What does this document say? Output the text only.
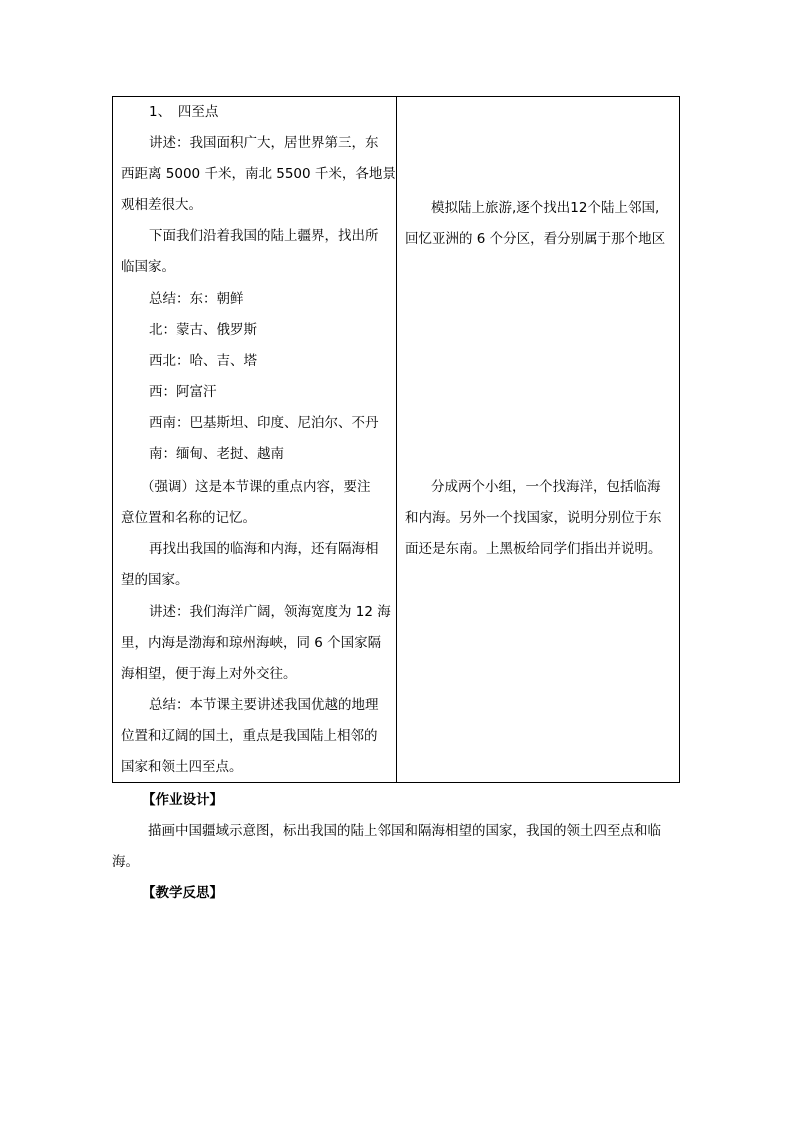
1、　四至点
讲述：我国面积广大，居世界第三，东
西距离 5000 千米，南北 5500 千米，各地景
观相差很大。
下面我们沿着我国的陆上疆界，找出所
临国家。
总结：东：朝鲜
北：蒙古、俄罗斯
西北：哈、吉、塔
西：阿富汗
西南：巴基斯坦、印度、尼泊尔、不丹
南：缅甸、老挝、越南
（强调）这是本节课的重点内容，要注
意位置和名称的记忆。
再找出我国的临海和内海，还有隔海相
望的国家。
讲述：我们海洋广阔，领海宽度为 12 海
里，内海是渤海和琼州海峡，同 6 个国家隔
海相望，便于海上对外交往。
总结：本节课主要讲述我国优越的地理
位置和辽阔的国土，重点是我国陆上相邻的
国家和领土四至点。
模拟陆上旅游,逐个找出12个陆上邻国,
回忆亚洲的 6 个分区，看分别属于那个地区
分成两个小组，一个找海洋，包括临海
和内海。另外一个找国家，说明分别位于东
面还是东南。上黑板给同学们指出并说明。
【作业设计】
描画中国疆域示意图，标出我国的陆上邻国和隔海相望的国家，我国的领土四至点和临
海。
【教学反思】
